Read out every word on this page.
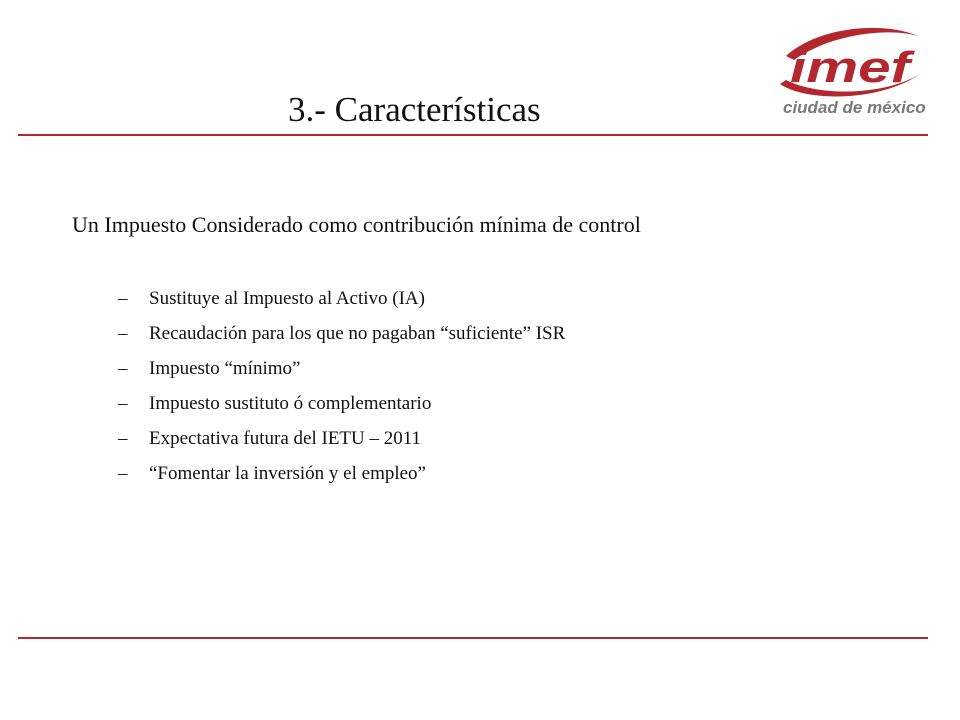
3.- Características
imef
ciudad de méxico
Un Impuesto Considerado como contribución mínima de control
–	Sustituye al Impuesto al Activo (IA)
–	Recaudación para los que no pagaban “suficiente” ISR
–	Impuesto “mínimo”
–	Impuesto sustituto ó complementario
–	Expectativa futura del IETU – 2011
–	“Fomentar la inversión y el empleo”
